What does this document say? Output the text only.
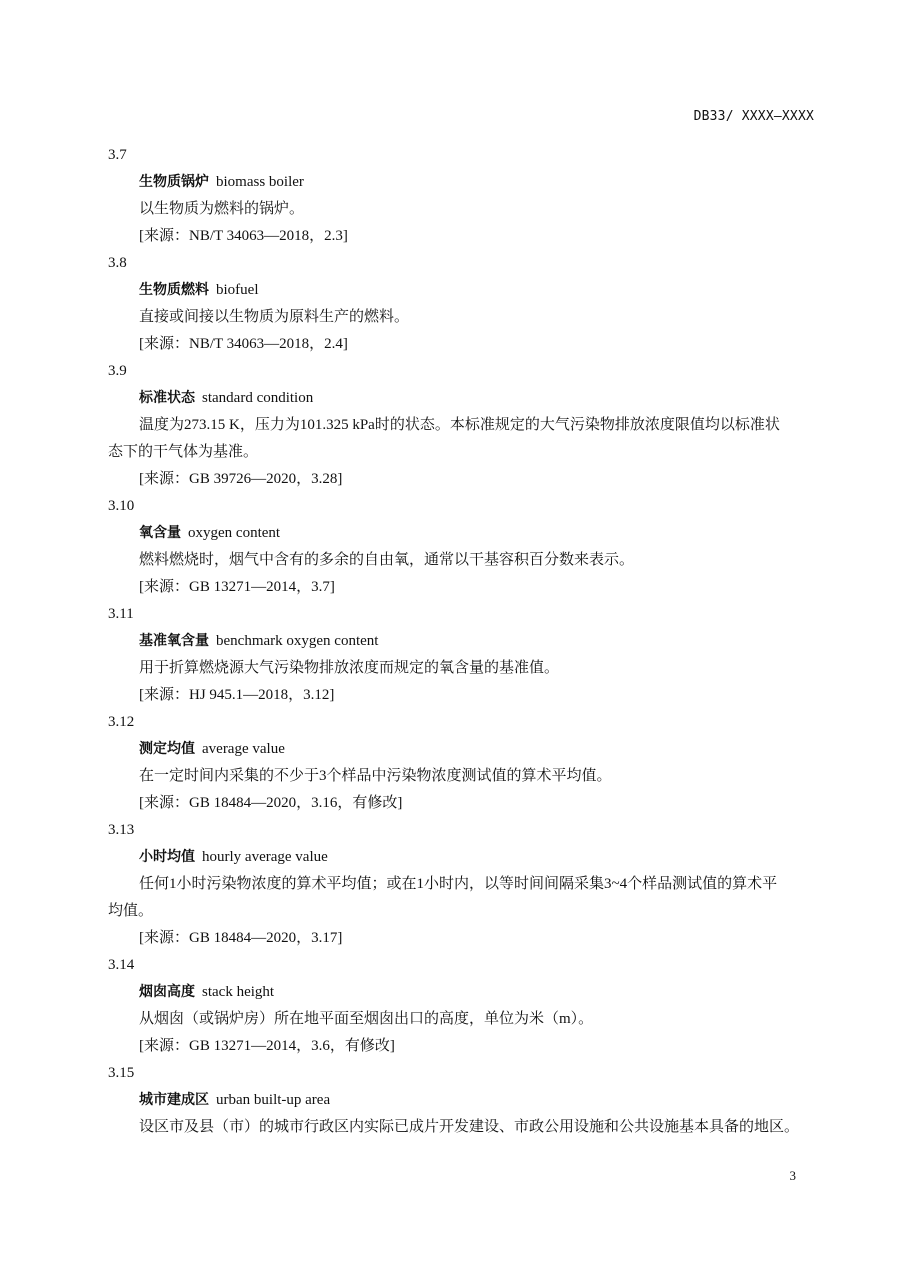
DB33/ XXXX—XXXX
3.7
生物质锅炉 biomass boiler
以生物质为燃料的锅炉。
[来源：NB/T 34063—2018，2.3]
3.8
生物质燃料 biofuel
直接或间接以生物质为原料生产的燃料。
[来源：NB/T 34063—2018，2.4]
3.9
标准状态 standard condition
温度为273.15 K，压力为101.325 kPa时的状态。本标准规定的大气污染物排放浓度限值均以标准状
态下的干气体为基准。
[来源：GB 39726—2020，3.28]
3.10
氧含量 oxygen content
燃料燃烧时，烟气中含有的多余的自由氧，通常以干基容积百分数来表示。
[来源：GB 13271—2014，3.7]
3.11
基准氧含量 benchmark oxygen content
用于折算燃烧源大气污染物排放浓度而规定的氧含量的基准值。
[来源：HJ 945.1—2018，3.12]
3.12
测定均值 average value
在一定时间内采集的不少于3个样品中污染物浓度测试值的算术平均值。
[来源：GB 18484—2020，3.16，有修改]
3.13
小时均值 hourly average value
任何1小时污染物浓度的算术平均值；或在1小时内，以等时间间隔采集3~4个样品测试值的算术平
均值。
[来源：GB 18484—2020，3.17]
3.14
烟囱高度 stack height
从烟囱（或锅炉房）所在地平面至烟囱出口的高度，单位为米（m）。
[来源：GB 13271—2014，3.6，有修改]
3.15
城市建成区 urban built-up area
设区市及县（市）的城市行政区内实际已成片开发建设、市政公用设施和公共设施基本具备的地区。
3
